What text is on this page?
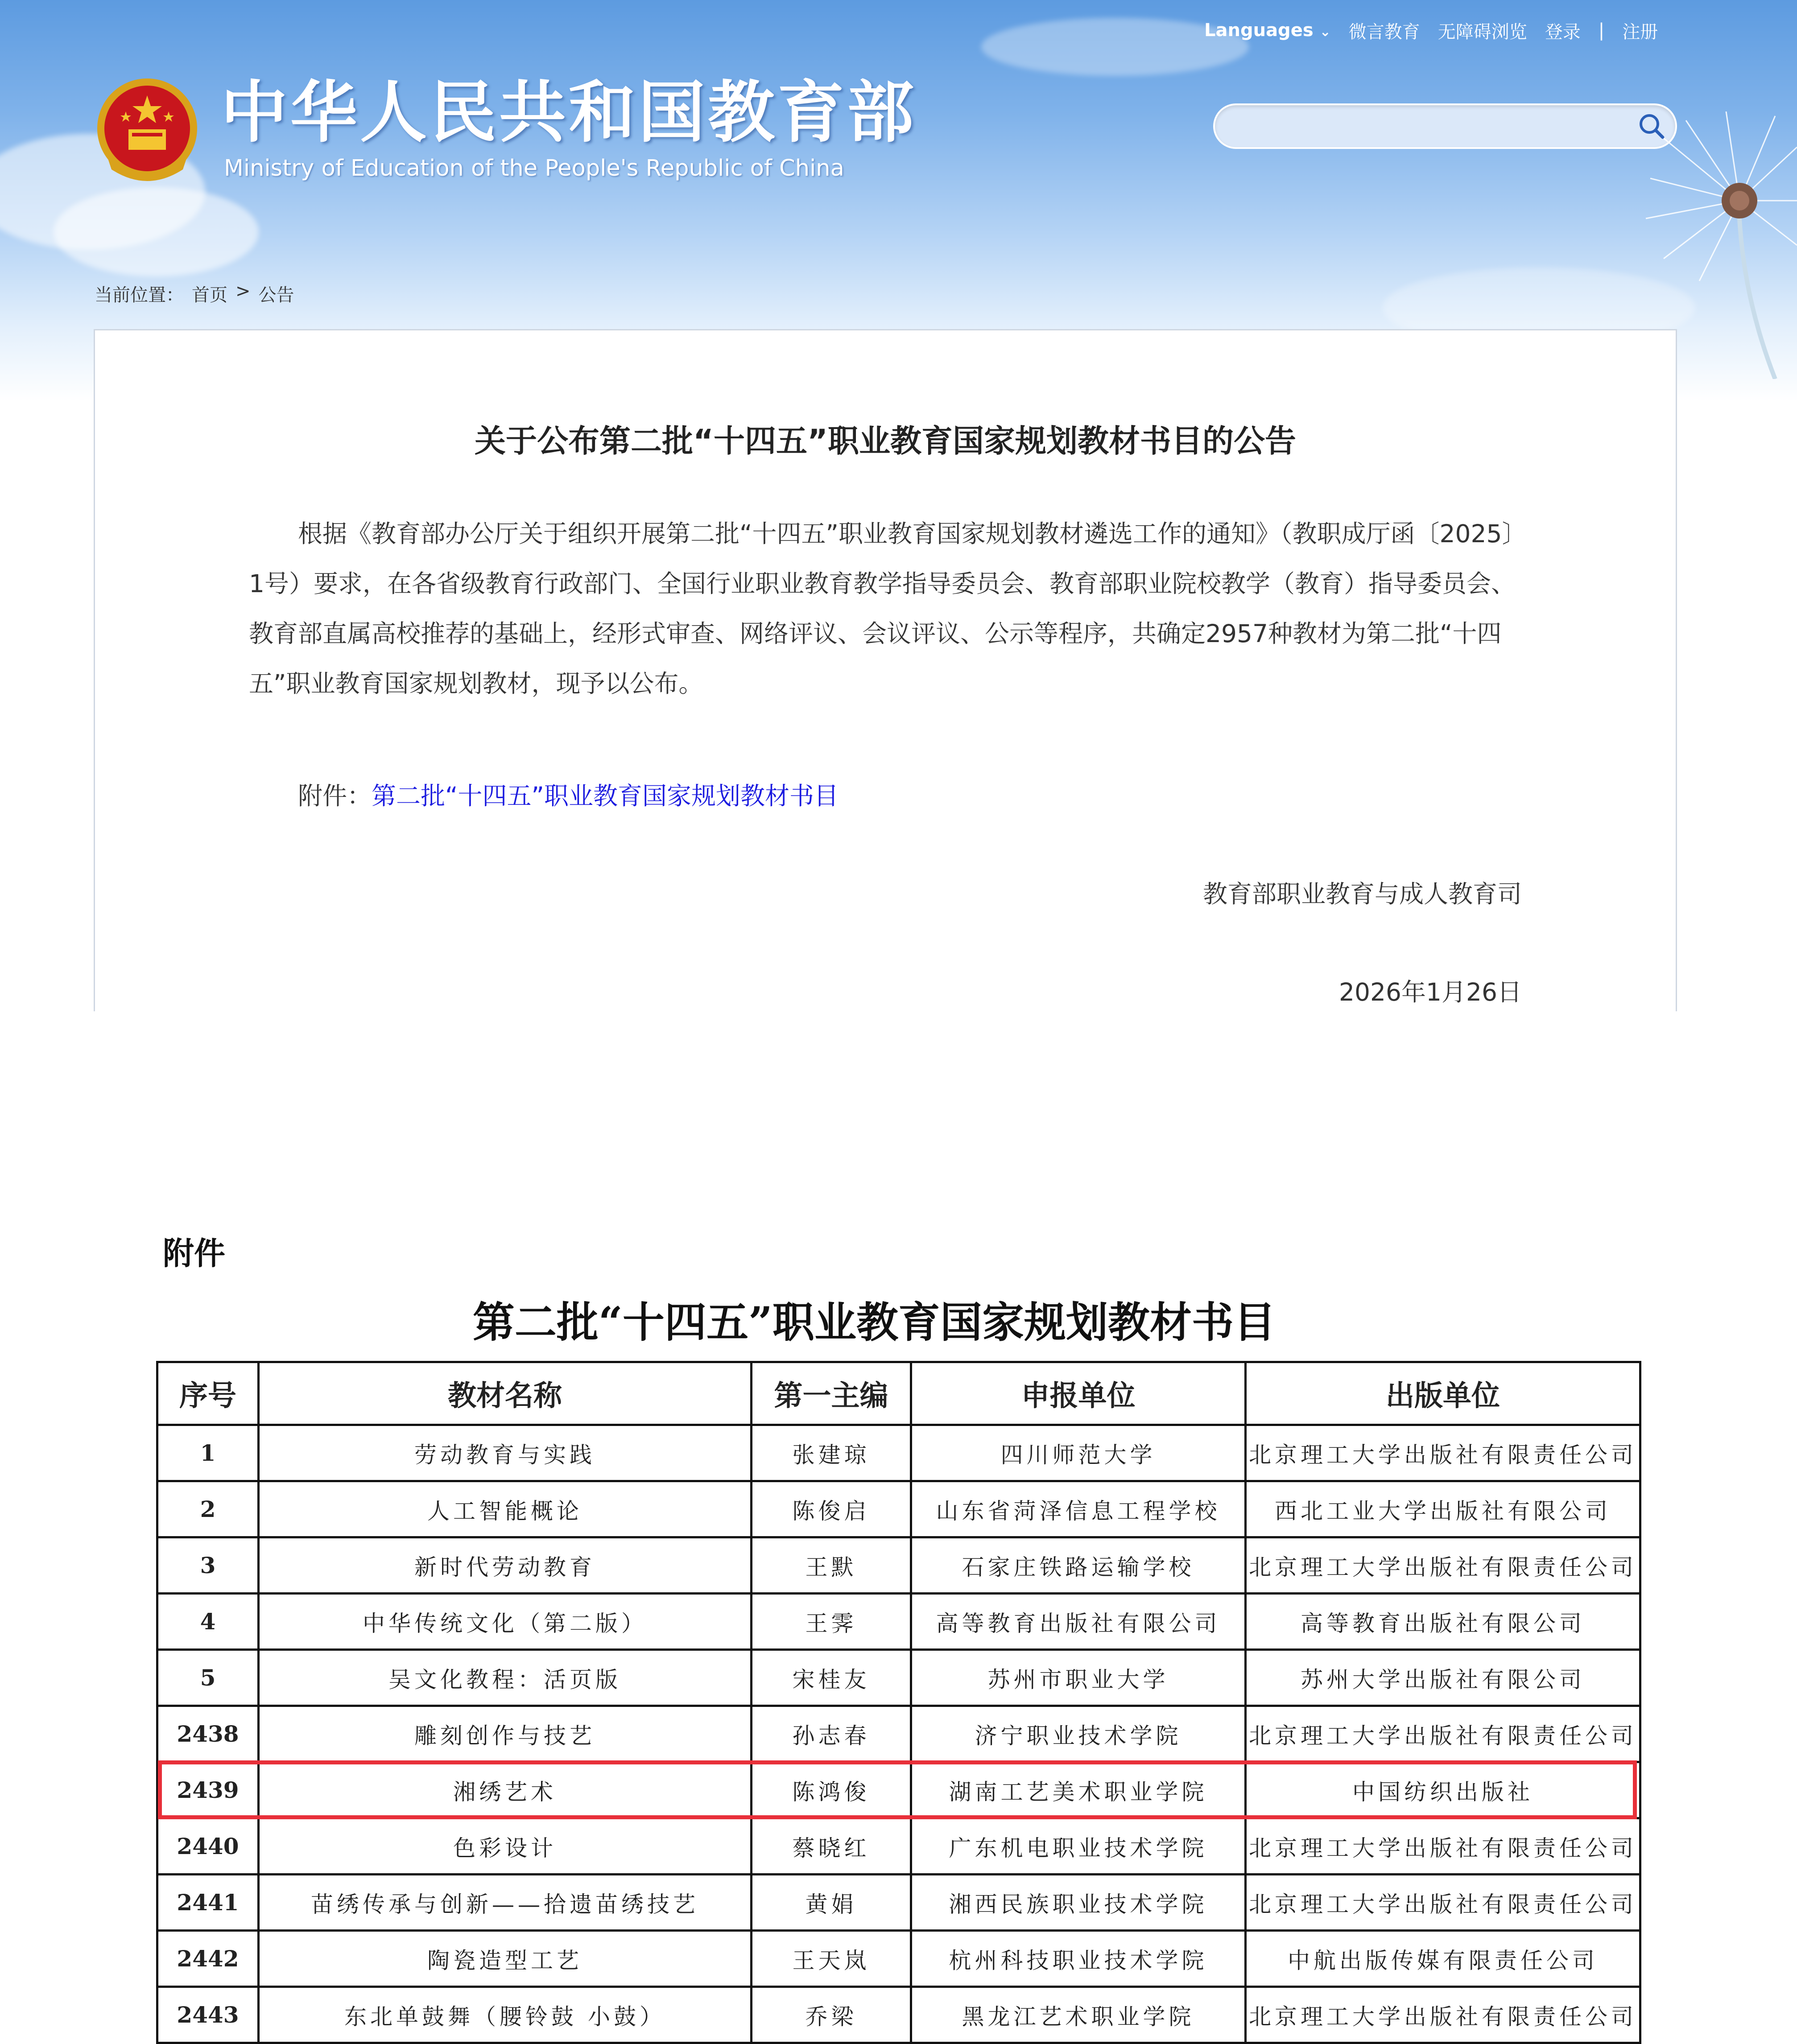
Languages ⌄ 微言教育 无障碍浏览 登录 | 注册
中华人民共和国教育部
Ministry of Education of the People's Republic of China
当前位置： 首页 > 公告
关于公布第二批“十四五”职业教育国家规划教材书目的公告
根据《教育部办公厅关于组织开展第二批“十四五”职业教育国家规划教材遴选工作的通知》（教职成厅函〔2025〕1号）要求，在各省级教育行政部门、全国行业职业教育教学指导委员会、教育部职业院校教学（教育）指导委员会、教育部直属高校推荐的基础上，经形式审查、网络评议、会议评议、公示等程序，共确定2957种教材为第二批“十四五”职业教育国家规划教材，现予以公布。
附件：第二批“十四五”职业教育国家规划教材书目
教育部职业教育与成人教育司
2026年1月26日
附件
第二批“十四五”职业教育国家规划教材书目
序号	教材名称	第一主编	申报单位	出版单位
1	劳动教育与实践	张建琼	四川师范大学	北京理工大学出版社有限责任公司
2	人工智能概论	陈俊启	山东省菏泽信息工程学校	西北工业大学出版社有限公司
3	新时代劳动教育	王默	石家庄铁路运输学校	北京理工大学出版社有限责任公司
4	中华传统文化（第二版）	王霁	高等教育出版社有限公司	高等教育出版社有限公司
5	吴文化教程：活页版	宋桂友	苏州市职业大学	苏州大学出版社有限公司
2438	雕刻创作与技艺	孙志春	济宁职业技术学院	北京理工大学出版社有限责任公司
2439	湘绣艺术	陈鸿俊	湖南工艺美术职业学院	中国纺织出版社
2440	色彩设计	蔡晓红	广东机电职业技术学院	北京理工大学出版社有限责任公司
2441	苗绣传承与创新——拾遗苗绣技艺	黄娟	湘西民族职业技术学院	北京理工大学出版社有限责任公司
2442	陶瓷造型工艺	王天岚	杭州科技职业技术学院	中航出版传媒有限责任公司
2443	东北单鼓舞（腰铃鼓 小鼓）	乔梁	黑龙江艺术职业学院	北京理工大学出版社有限责任公司
